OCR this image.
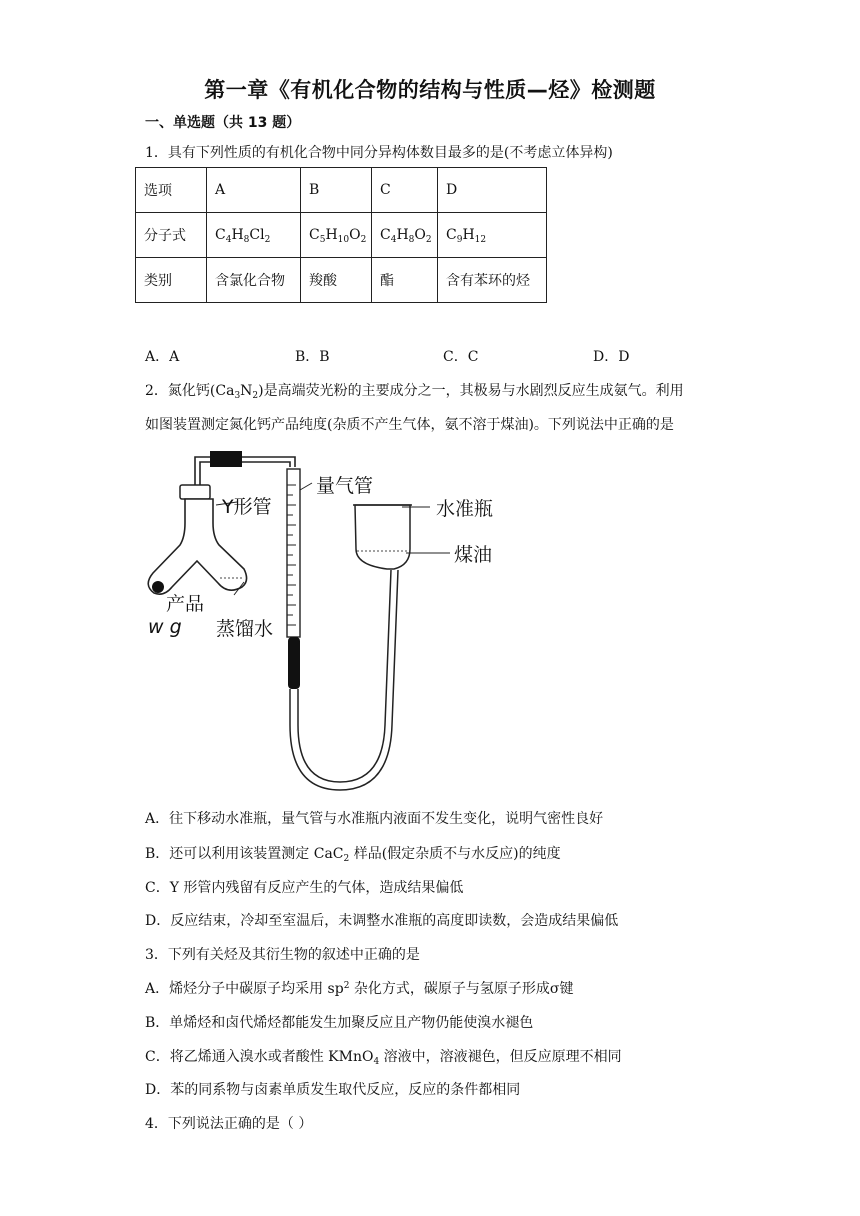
第一章《有机化合物的结构与性质—烃》检测题
一、单选题（共 13 题）
1．具有下列性质的有机化合物中同分异构体数目最多的是(不考虑立体异构)
选项	A	B	C	D
分子式	$C_4H_8Cl_2$	$C_5H_{10}O_2$	$C_4H_8O_2$	$C_9H_{12}$
类别	含氯化合物	羧酸	酯	含有苯环的烃
A．A	B．B	C．C	D．D
2．氮化钙$(Ca_3N_2)$是高端荧光粉的主要成分之一，其极易与水剧烈反应生成氨气。利用
如图装置测定氮化钙产品纯度(杂质不产生气体，氨不溶于煤油)。下列说法中正确的是
Y形管
量气管
水准瓶
煤油
产品
w g 蒸馏水
A．往下移动水准瓶，量气管与水准瓶内液面不发生变化，说明气密性良好
B．还可以利用该装置测定 CaC$_2$ 样品(假定杂质不与水反应)的纯度
C．Y 形管内残留有反应产生的气体，造成结果偏低
D．反应结束，冷却至室温后，未调整水准瓶的高度即读数，会造成结果偏低
3．下列有关烃及其衍生物的叙述中正确的是
A．烯烃分子中碳原子均采用 $sp^2$ 杂化方式，碳原子与氢原子形成σ键
B．单烯烃和卤代烯烃都能发生加聚反应且产物仍能使溴水褪色
C．将乙烯通入溴水或者酸性 KMnO$_4$ 溶液中，溶液褪色，但反应原理不相同
D．苯的同系物与卤素单质发生取代反应，反应的条件都相同
4．下列说法正确的是（ ）
